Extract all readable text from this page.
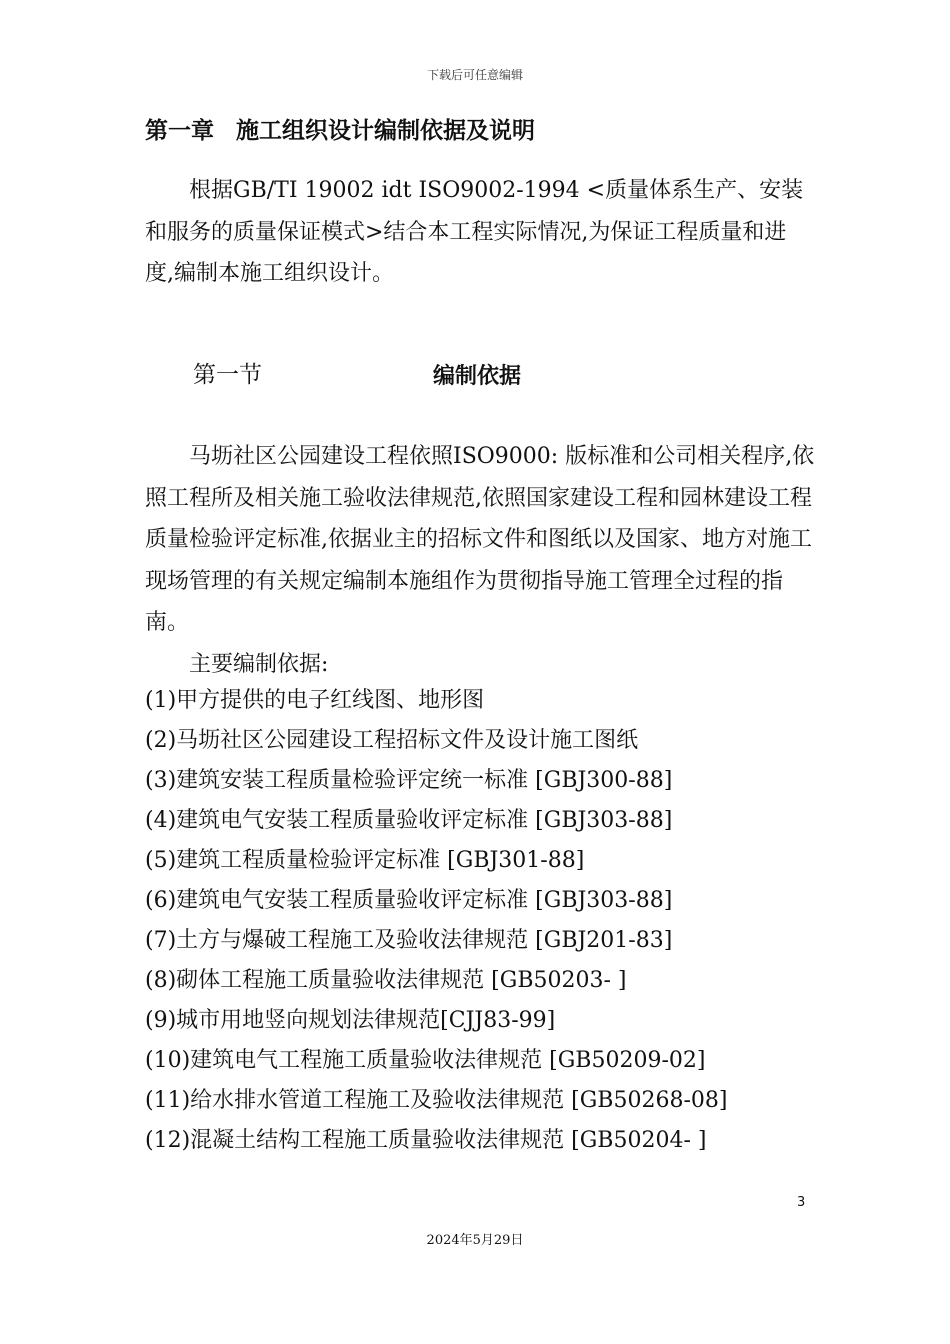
下载后可任意编辑
第一章 施工组织设计编制依据及说明
根据GB/TI 19002 idt ISO9002-1994 <质量体系生产、安装和服务的质量保证模式>结合本工程实际情况,为保证工程质量和进度,编制本施工组织设计。
第一节	编制依据
马坜社区公园建设工程依照ISO9000: 版标准和公司相关程序,依照工程所及相关施工验收法律规范,依照国家建设工程和园林建设工程质量检验评定标准,依据业主的招标文件和图纸以及国家、地方对施工现场管理的有关规定编制本施组作为贯彻指导施工管理全过程的指南。
主要编制依据:
(1)甲方提供的电子红线图、地形图
(2)马坜社区公园建设工程招标文件及设计施工图纸
(3)建筑安装工程质量检验评定统一标准 [GBJ300-88]
(4)建筑电气安装工程质量验收评定标准 [GBJ303-88]
(5)建筑工程质量检验评定标准 [GBJ301-88]
(6)建筑电气安装工程质量验收评定标准 [GBJ303-88]
(7)土方与爆破工程施工及验收法律规范 [GBJ201-83]
(8)砌体工程施工质量验收法律规范 [GB50203- ]
(9)城市用地竖向规划法律规范[CJJ83-99]
(10)建筑电气工程施工质量验收法律规范 [GB50209-02]
(11)给水排水管道工程施工及验收法律规范 [GB50268-08]
(12)混凝土结构工程施工质量验收法律规范 [GB50204- ]
3
2024年5月29日
